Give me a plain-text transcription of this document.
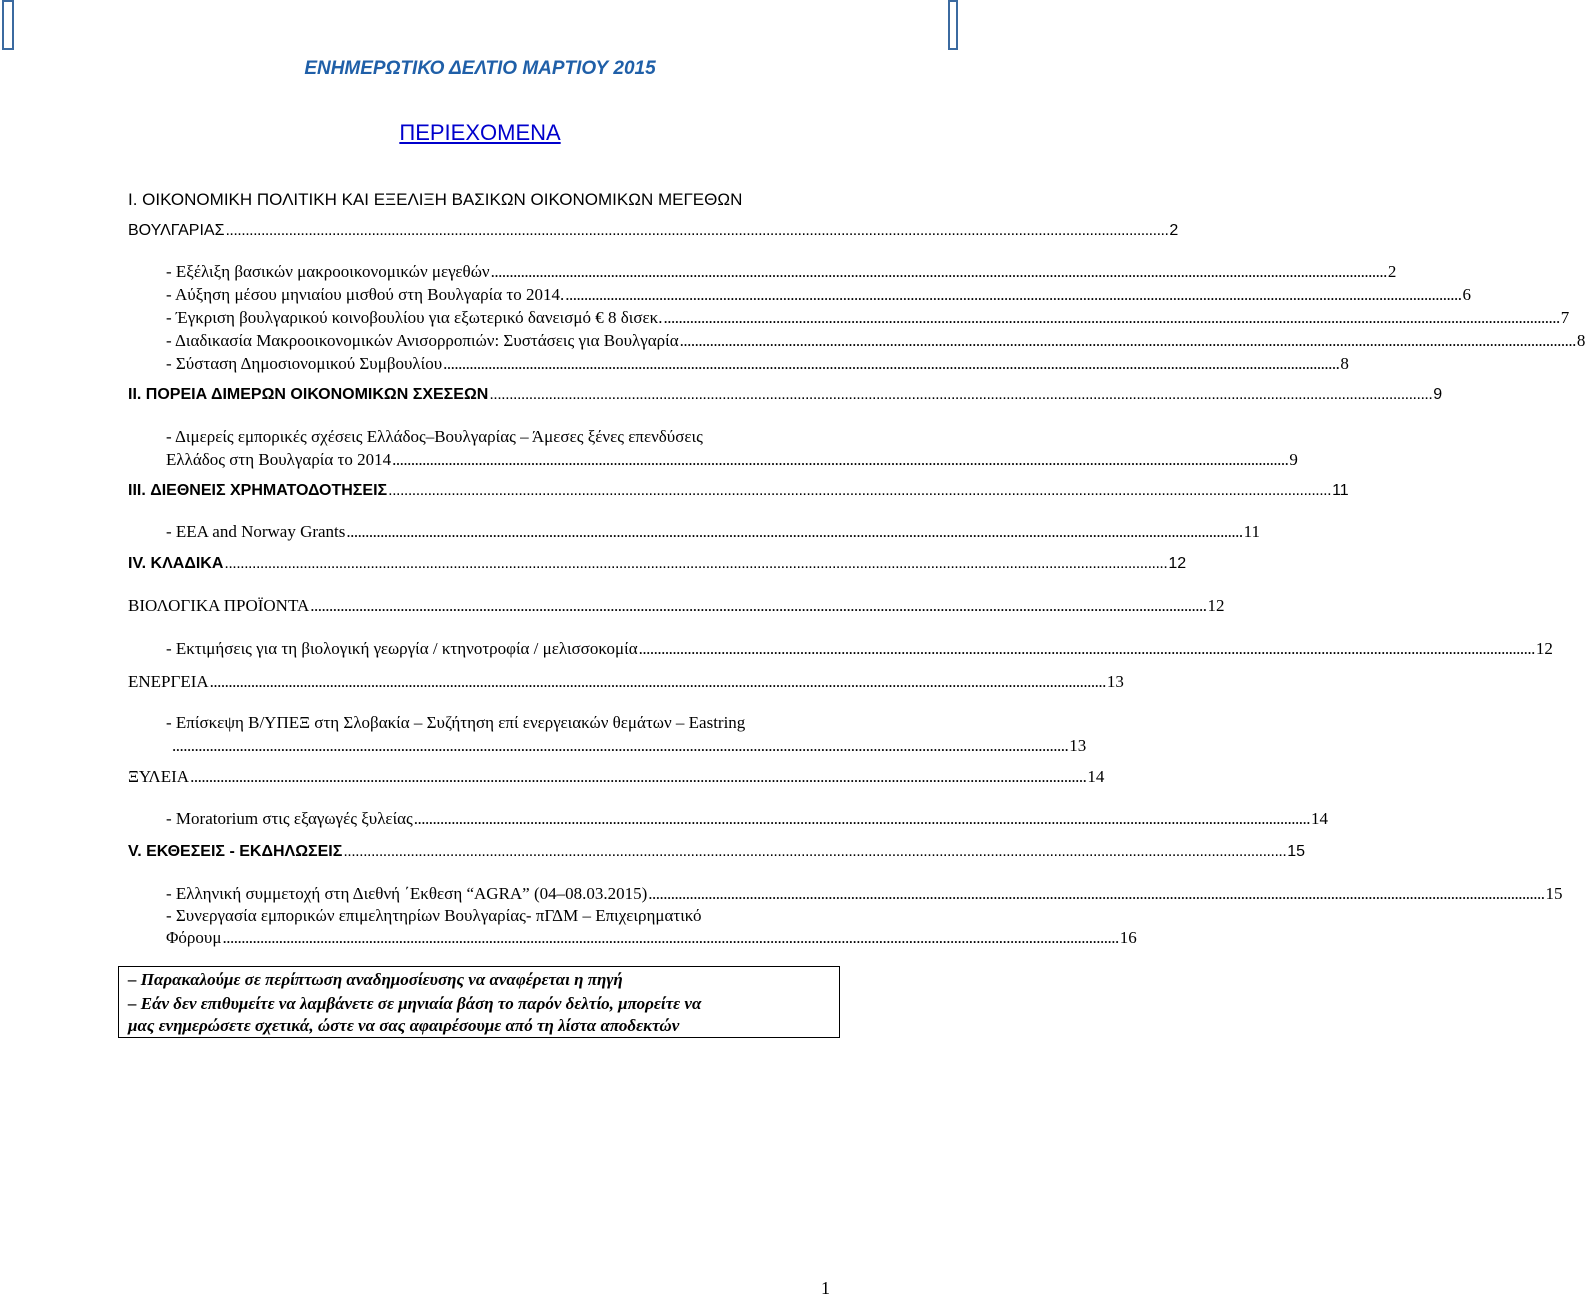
ΕΝΗΜΕΡΩΤΙΚΟ ΔΕΛΤΙΟ ΜΑΡΤΙΟΥ 2015
ΠΕΡΙΕΧΟΜΕΝΑ
I. ΟΙΚΟΝΟΜΙΚΗ ΠΟΛΙΤΙΚΗ ΚΑΙ ΕΞΕΛΙΞΗ ΒΑΣΙΚΩΝ ΟΙΚΟΝΟΜΙΚΩΝ ΜΕΓΕΘΩΝ
ΒΟΥΛΓΑΡΙΑΣ ............................................................................................................................................................................................................................................... 2
- Εξέλιξη βασικών μακροοικονομικών μεγεθών ............................................................................................................................................................................................................................................... 2
- Αύξηση μέσου μηνιαίου μισθού στη Βουλγαρία το 2014. ............................................................................................................................................................................................................................................... 6
- Έγκριση βουλγαρικού κοινοβουλίου για εξωτερικό δανεισμό € 8 δισεκ. ............................................................................................................................................................................................................................................... 7
- Διαδικασία Μακροοικονομικών Ανισορροπιών: Συστάσεις για Βουλγαρία ............................................................................................................................................................................................................................................... 8
- Σύσταση Δημοσιονομικού Συμβουλίου ............................................................................................................................................................................................................................................... 8
II. ΠΟΡΕΙΑ ΔΙΜΕΡΩΝ ΟΙΚΟΝΟΜΙΚΩΝ ΣΧΕΣΕΩΝ ............................................................................................................................................................................................................................................... 9
- Διμερείς εμπορικές σχέσεις Ελλάδος–Βουλγαρίας – Άμεσες ξένες επενδύσεις
Ελλάδος στη Βουλγαρία το 2014 ............................................................................................................................................................................................................................................... 9
III. ΔΙΕΘΝΕΙΣ ΧΡΗΜΑΤΟΔΟΤΗΣΕΙΣ ............................................................................................................................................................................................................................................... 11
- EEA and Norway Grants ............................................................................................................................................................................................................................................... 11
IV. ΚΛΑΔΙΚΑ ............................................................................................................................................................................................................................................... 12
ΒΙΟΛΟΓΙΚΑ ΠΡΟΪΟΝΤΑ ............................................................................................................................................................................................................................................... 12
- Εκτιμήσεις για τη βιολογική γεωργία / κτηνοτροφία / μελισσοκομία ............................................................................................................................................................................................................................................... 12
ΕΝΕΡΓΕΙΑ ............................................................................................................................................................................................................................................... 13
- Επίσκεψη Β/ΥΠΕΞ στη Σλοβακία – Συζήτηση επί ενεργειακών θεμάτων – Eastring
............................................................................................................................................................................................................................................... 13
ΞΥΛΕΙΑ ............................................................................................................................................................................................................................................... 14
- Moratorium στις εξαγωγές ξυλείας ............................................................................................................................................................................................................................................... 14
V. ΕΚΘΕΣΕΙΣ - ΕΚΔΗΛΩΣΕΙΣ ............................................................................................................................................................................................................................................... 15
- Ελληνική συμμετοχή στη Διεθνή ΄Εκθεση “AGRA” (04–08.03.2015) ............................................................................................................................................................................................................................................... 15
- Συνεργασία εμπορικών επιμελητηρίων Βουλγαρίας- πΓΔΜ – Επιχειρηματικό
Φόρουμ ............................................................................................................................................................................................................................................... 16
– Παρακαλούμε σε περίπτωση αναδημοσίευσης να αναφέρεται η πηγή
– Εάν δεν επιθυμείτε να λαμβάνετε σε μηνιαία βάση το παρόν δελτίο, μπορείτε να
μας ενημερώσετε σχετικά, ώστε να σας αφαιρέσουμε από τη λίστα αποδεκτών
1
